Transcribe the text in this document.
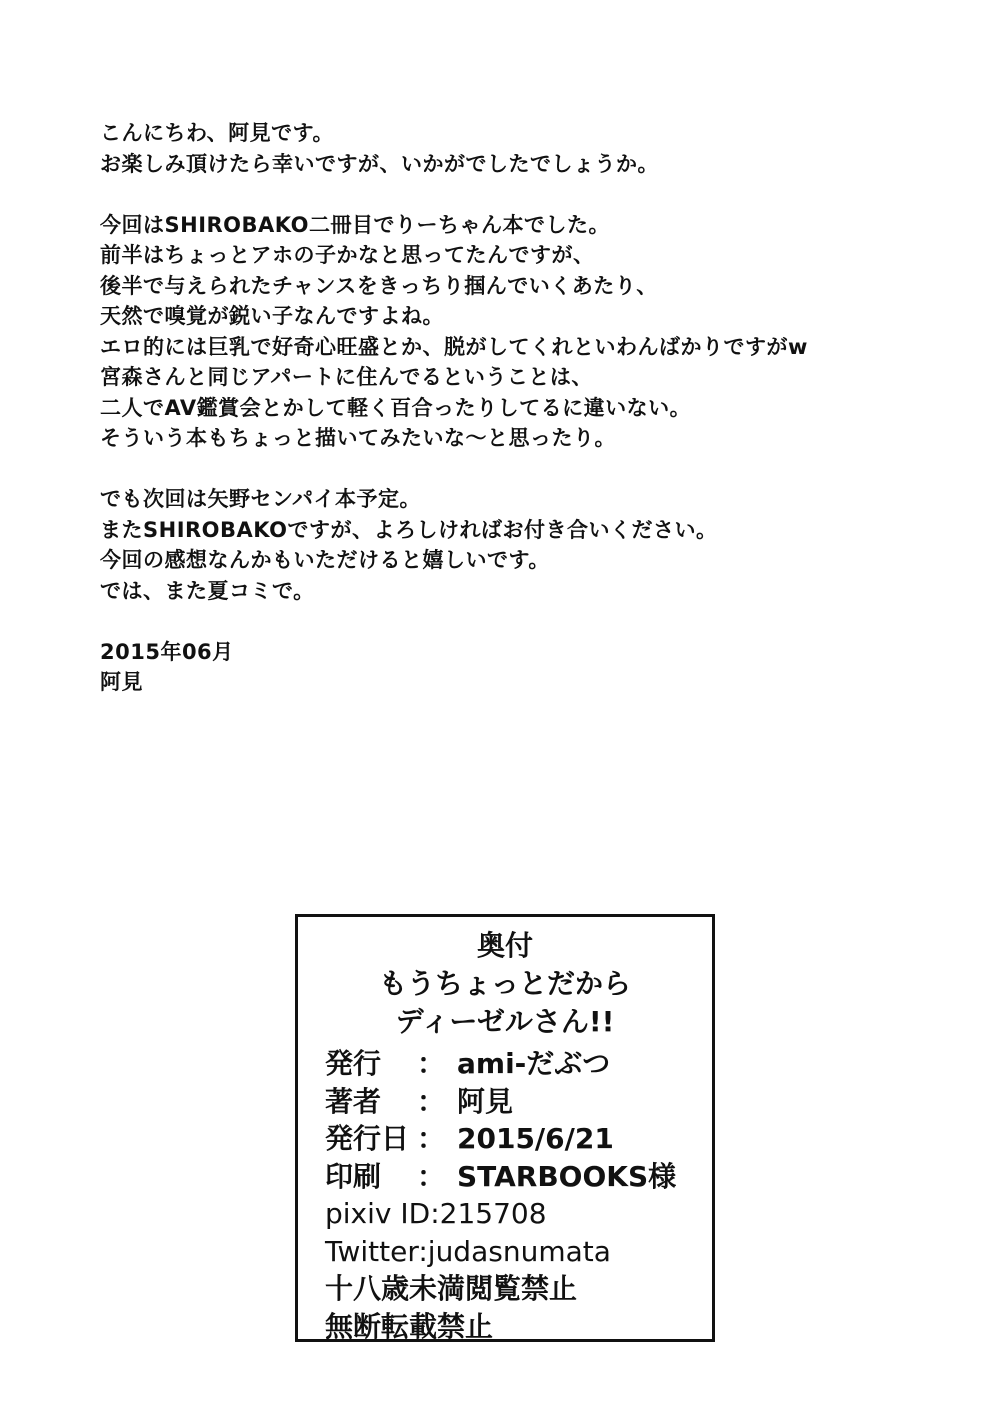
こんにちわ、阿見です。
お楽しみ頂けたら幸いですが、いかがでしたでしょうか。
今回はSHIROBAKO二冊目でりーちゃん本でした。
前半はちょっとアホの子かなと思ってたんですが、
後半で与えられたチャンスをきっちり掴んでいくあたり、
天然で嗅覚が鋭い子なんですよね。
エロ的には巨乳で好奇心旺盛とか、脱がしてくれといわんばかりですがw
宮森さんと同じアパートに住んでるということは、
二人でAV鑑賞会とかして軽く百合ったりしてるに違いない。
そういう本もちょっと描いてみたいな～と思ったり。
でも次回は矢野センパイ本予定。
またSHIROBAKOですが、よろしければお付き合いください。
今回の感想なんかもいただけると嬉しいです。
では、また夏コミで。
2015年06月
阿見
奥付
もうちょっとだから
ディーゼルさん!!
発行 ： ami-だぶつ
著者 ： 阿見
発行日 ： 2015/6/21
印刷 ： STARBOOKS様
pixiv ID:215708
Twitter:judasnumata
十八歳未満閲覧禁止
無断転載禁止
